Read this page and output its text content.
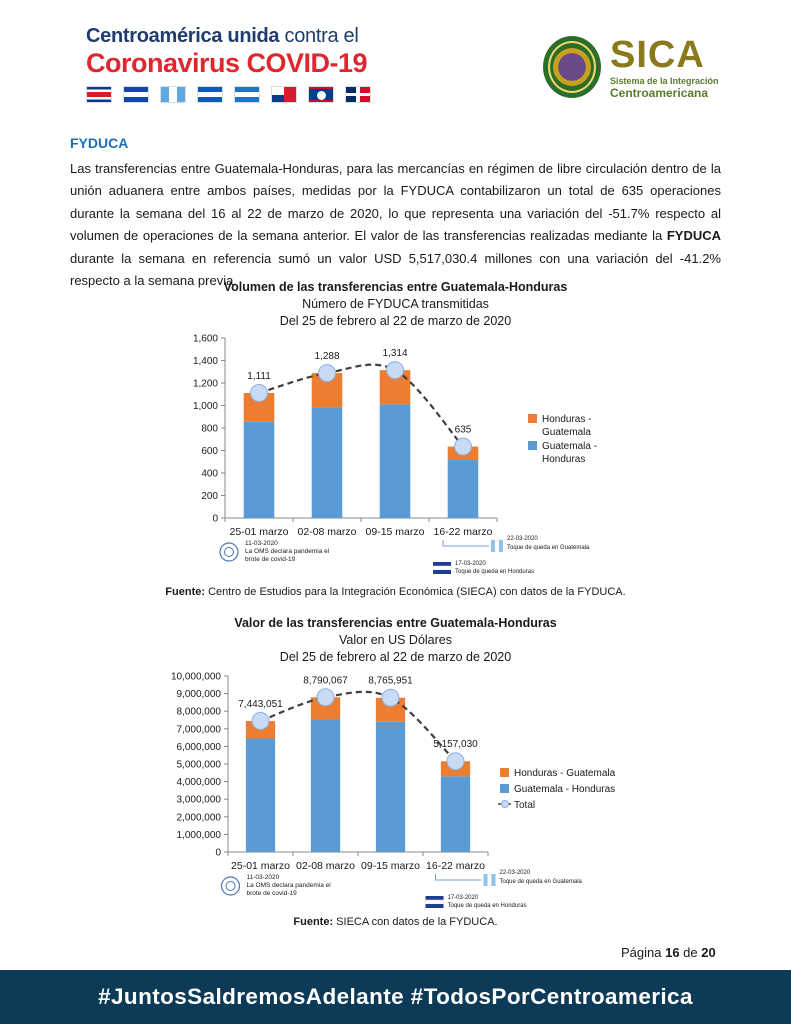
Centroamérica unida contra el
Coronavirus COVID-19	SICA
Sistema de la Integración
Centroamericana
FYDUCA
Las transferencias entre Guatemala-Honduras, para las mercancías en régimen de libre circulación dentro de la unión aduanera entre ambos países, medidas por la FYDUCA contabilizaron un total de 635 operaciones durante la semana del 16 al 22 de marzo de 2020, lo que representa una variación del -51.7% respecto al volumen de operaciones de la semana anterior. El valor de las transferencias realizadas mediante la FYDUCA durante la semana en referencia sumó un valor USD 5,517,030.4 millones con una variación del -41.2% respecto a la semana previa.
Volumen de las transferencias entre Guatemala-Honduras
Número de FYDUCA transmitidas
Del 25 de febrero al 22 de marzo de 2020
0
200
400
600
800
1,000
1,200
1,400
1,600
25-01 marzo 02-08 marzo 09-15 marzo 16-22 marzo
1,111
1,288	1,314
635
Honduras -
Guatemala
Guatemala -
Honduras
11-03-2020
La OMS declara pandemia el
brote de covid-19
22-03-2020
Toque de queda en Guatemala
17-03-2020
Toque de queda en Honduras
Fuente: Centro de Estudios para la Integración Económica (SIECA) con datos de la FYDUCA.
Valor de las transferencias entre Guatemala-Honduras
Valor en US Dólares
Del 25 de febrero al 22 de marzo de 2020
0
1,000,000
2,000,000
3,000,000
4,000,000
5,000,000
6,000,000
7,000,000
8,000,000
9,000,000
10,000,000
25-01 marzo 02-08 marzo 09-15 marzo 16-22 marzo
7,443,051
8,790,067 8,765,951
5,157,030
Honduras - Guatemala
Guatemala - Honduras
Total
11-03-2020
La OMS declara pandemia el
brote de covid-19
22-03-2020
Toque de queda en Guatemala
17-03-2020
Toque de queda en Honduras
Fuente: SIECA con datos de la FYDUCA.
Página 16 de 20
#JuntosSaldremosAdelante #TodosPorCentroamerica
